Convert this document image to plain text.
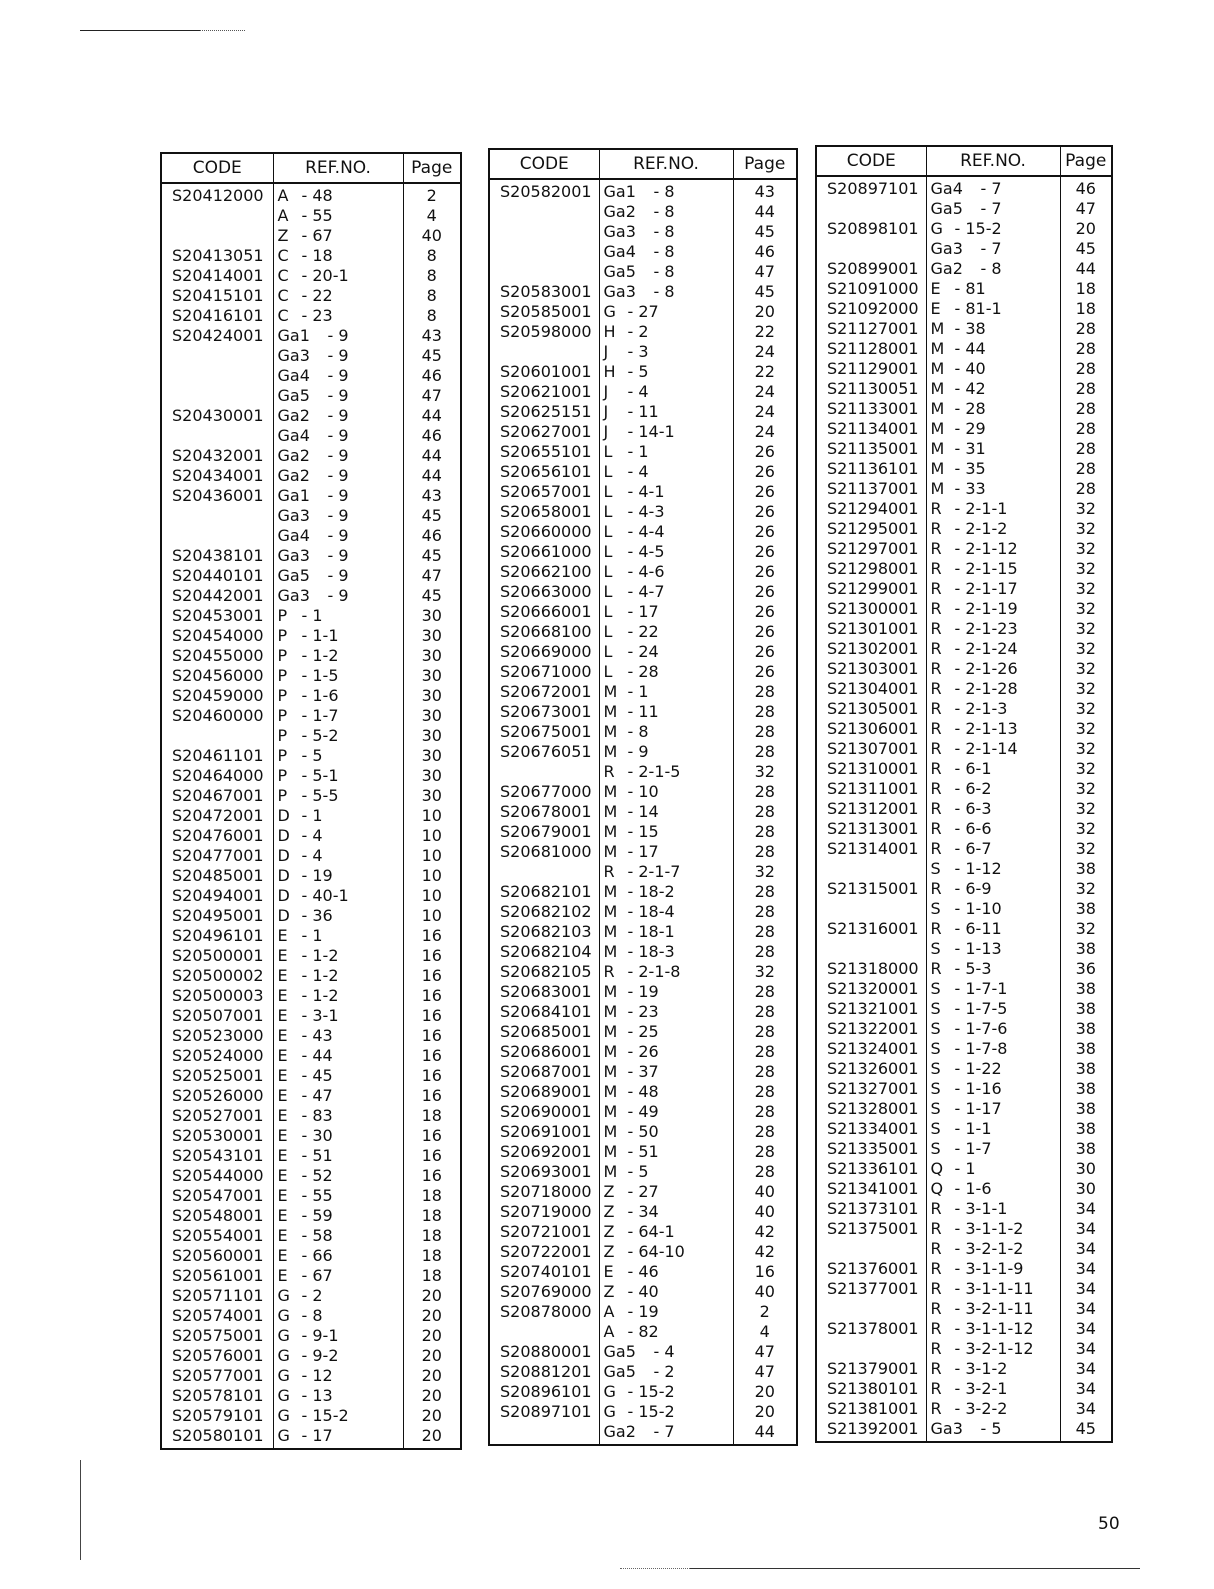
CODE	REF.NO.	Page
S20412000	A - 48	2
	A - 55	4
	Z - 67	40
S20413051	C - 18	8
S20414001	C - 20-1	8
S20415101	C - 22	8
S20416101	C - 23	8
S20424001	Ga1 - 9	43
	Ga3 - 9	45
	Ga4 - 9	46
	Ga5 - 9	47
S20430001	Ga2 - 9	44
	Ga4 - 9	46
S20432001	Ga2 - 9	44
S20434001	Ga2 - 9	44
S20436001	Ga1 - 9	43
	Ga3 - 9	45
	Ga4 - 9	46
S20438101	Ga3 - 9	45
S20440101	Ga5 - 9	47
S20442001	Ga3 - 9	45
S20453001	P - 1	30
S20454000	P - 1-1	30
S20455000	P - 1-2	30
S20456000	P - 1-5	30
S20459000	P - 1-6	30
S20460000	P - 1-7	30
	P - 5-2	30
S20461101	P - 5	30
S20464000	P - 5-1	30
S20467001	P - 5-5	30
S20472001	D - 1	10
S20476001	D - 4	10
S20477001	D - 4	10
S20485001	D - 19	10
S20494001	D - 40-1	10
S20495001	D - 36	10
S20496101	E - 1	16
S20500001	E - 1-2	16
S20500002	E - 1-2	16
S20500003	E - 1-2	16
S20507001	E - 3-1	16
S20523000	E - 43	16
S20524000	E - 44	16
S20525001	E - 45	16
S20526000	E - 47	16
S20527001	E - 83	18
S20530001	E - 30	16
S20543101	E - 51	16
S20544000	E - 52	16
S20547001	E - 55	18
S20548001	E - 59	18
S20554001	E - 58	18
S20560001	E - 66	18
S20561001	E - 67	18
S20571101	G - 2	20
S20574001	G - 8	20
S20575001	G - 9-1	20
S20576001	G - 9-2	20
S20577001	G - 12	20
S20578101	G - 13	20
S20579101	G - 15-2	20
S20580101	G - 17	20
CODE	REF.NO.	Page
S20582001	Ga1 - 8	43
	Ga2 - 8	44
	Ga3 - 8	45
	Ga4 - 8	46
	Ga5 - 8	47
S20583001	Ga3 - 8	45
S20585001	G - 27	20
S20598000	H - 2	22
	J - 3	24
S20601001	H - 5	22
S20621001	J - 4	24
S20625151	J - 11	24
S20627001	J - 14-1	24
S20655101	L - 1	26
S20656101	L - 4	26
S20657001	L - 4-1	26
S20658001	L - 4-3	26
S20660000	L - 4-4	26
S20661000	L - 4-5	26
S20662100	L - 4-6	26
S20663000	L - 4-7	26
S20666001	L - 17	26
S20668100	L - 22	26
S20669000	L - 24	26
S20671000	L - 28	26
S20672001	M - 1	28
S20673001	M - 11	28
S20675001	M - 8	28
S20676051	M - 9	28
	R - 2-1-5	32
S20677000	M - 10	28
S20678001	M - 14	28
S20679001	M - 15	28
S20681000	M - 17	28
	R - 2-1-7	32
S20682101	M - 18-2	28
S20682102	M - 18-4	28
S20682103	M - 18-1	28
S20682104	M - 18-3	28
S20682105	R - 2-1-8	32
S20683001	M - 19	28
S20684101	M - 23	28
S20685001	M - 25	28
S20686001	M - 26	28
S20687001	M - 37	28
S20689001	M - 48	28
S20690001	M - 49	28
S20691001	M - 50	28
S20692001	M - 51	28
S20693001	M - 5	28
S20718000	Z - 27	40
S20719000	Z - 34	40
S20721001	Z - 64-1	42
S20722001	Z - 64-10	42
S20740101	E - 46	16
S20769000	Z - 40	40
S20878000	A - 19	2
	A - 82	4
S20880001	Ga5 - 4	47
S20881201	Ga5 - 2	47
S20896101	G - 15-2	20
S20897101	G - 15-2	20
	Ga2 - 7	44
CODE	REF.NO.	Page
S20897101	Ga4 - 7	46
	Ga5 - 7	47
S20898101	G - 15-2	20
	Ga3 - 7	45
S20899001	Ga2 - 8	44
S21091000	E - 81	18
S21092000	E - 81-1	18
S21127001	M - 38	28
S21128001	M - 44	28
S21129001	M - 40	28
S21130051	M - 42	28
S21133001	M - 28	28
S21134001	M - 29	28
S21135001	M - 31	28
S21136101	M - 35	28
S21137001	M - 33	28
S21294001	R - 2-1-1	32
S21295001	R - 2-1-2	32
S21297001	R - 2-1-12	32
S21298001	R - 2-1-15	32
S21299001	R - 2-1-17	32
S21300001	R - 2-1-19	32
S21301001	R - 2-1-23	32
S21302001	R - 2-1-24	32
S21303001	R - 2-1-26	32
S21304001	R - 2-1-28	32
S21305001	R - 2-1-3	32
S21306001	R - 2-1-13	32
S21307001	R - 2-1-14	32
S21310001	R - 6-1	32
S21311001	R - 6-2	32
S21312001	R - 6-3	32
S21313001	R - 6-6	32
S21314001	R - 6-7	32
	S - 1-12	38
S21315001	R - 6-9	32
	S - 1-10	38
S21316001	R - 6-11	32
	S - 1-13	38
S21318000	R - 5-3	36
S21320001	S - 1-7-1	38
S21321001	S - 1-7-5	38
S21322001	S - 1-7-6	38
S21324001	S - 1-7-8	38
S21326001	S - 1-22	38
S21327001	S - 1-16	38
S21328001	S - 1-17	38
S21334001	S - 1-1	38
S21335001	S - 1-7	38
S21336101	Q - 1	30
S21341001	Q - 1-6	30
S21373101	R - 3-1-1	34
S21375001	R - 3-1-1-2	34
	R - 3-2-1-2	34
S21376001	R - 3-1-1-9	34
S21377001	R - 3-1-1-11	34
	R - 3-2-1-11	34
S21378001	R - 3-1-1-12	34
	R - 3-2-1-12	34
S21379001	R - 3-1-2	34
S21380101	R - 3-2-1	34
S21381001	R - 3-2-2	34
S21392001	Ga3 - 5	45
50
